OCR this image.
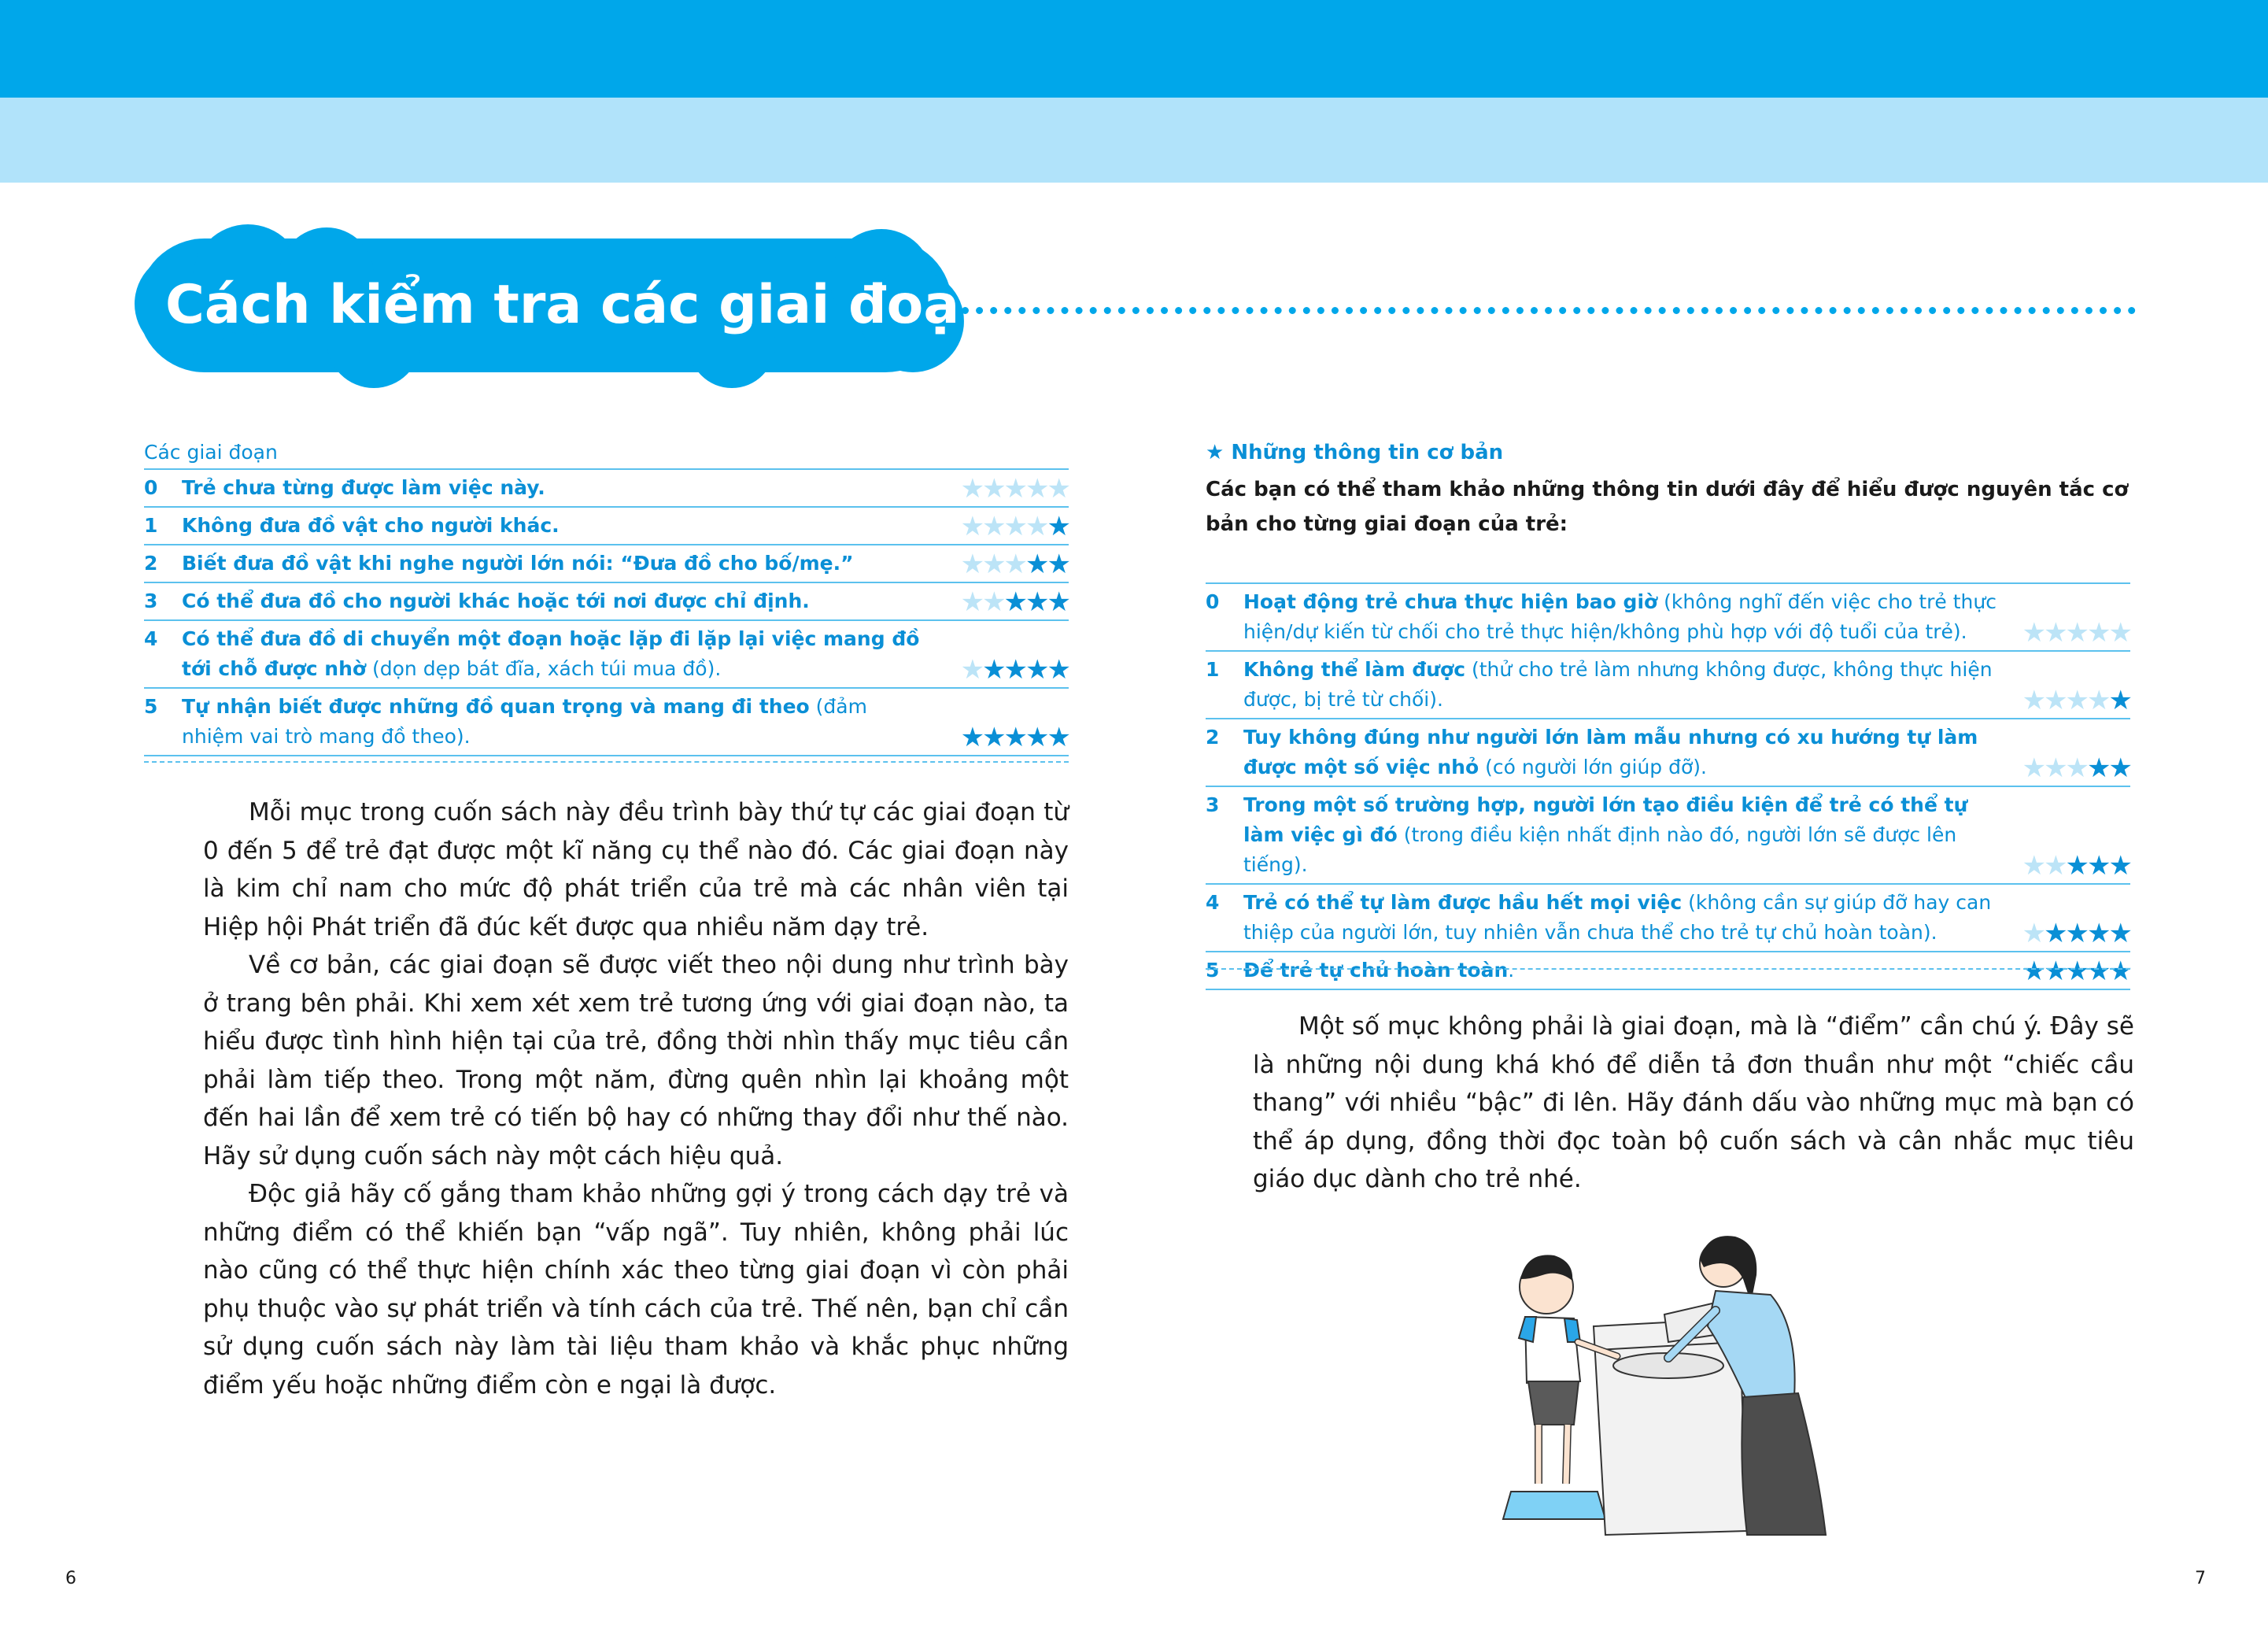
Cách kiểm tra các giai đoạn
Các giai đoạn
0	Trẻ chưa từng được làm việc này.	★★★★★
1	Không đưa đồ vật cho người khác.	★★★★★
2	Biết đưa đồ vật khi nghe người lớn nói: “Đưa đồ cho bố/mẹ.”	★★★★★
3	Có thể đưa đồ cho người khác hoặc tới nơi được chỉ định.	★★★★★
4	Có thể đưa đồ di chuyển một đoạn hoặc lặp đi lặp lại việc mang đồ tới chỗ được nhờ (dọn dẹp bát đĩa, xách túi mua đồ).	★★★★★
5	Tự nhận biết được những đồ quan trọng và mang đi theo (đảm nhiệm vai trò mang đồ theo).	★★★★★

Mỗi mục trong cuốn sách này đều trình bày thứ tự các giai đoạn từ 0 đến 5 để trẻ đạt được một kĩ năng cụ thể nào đó. Các giai đoạn này là kim chỉ nam cho mức độ phát triển của trẻ mà các nhân viên tại Hiệp hội Phát triển đã đúc kết được qua nhiều năm dạy trẻ.

Về cơ bản, các giai đoạn sẽ được viết theo nội dung như trình bày ở trang bên phải. Khi xem xét xem trẻ tương ứng với giai đoạn nào, ta hiểu được tình hình hiện tại của trẻ, đồng thời nhìn thấy mục tiêu cần phải làm tiếp theo. Trong một năm, đừng quên nhìn lại khoảng một đến hai lần để xem trẻ có tiến bộ hay có những thay đổi như thế nào. Hãy sử dụng cuốn sách này một cách hiệu quả.

Độc giả hãy cố gắng tham khảo những gợi ý trong cách dạy trẻ và những điểm có thể khiến bạn “vấp ngã”. Tuy nhiên, không phải lúc nào cũng có thể thực hiện chính xác theo từng giai đoạn vì còn phải phụ thuộc vào sự phát triển và tính cách của trẻ. Thế nên, bạn chỉ cần sử dụng cuốn sách này làm tài liệu tham khảo và khắc phục những điểm yếu hoặc những điểm còn e ngại là được.

★ Những thông tin cơ bản
Các bạn có thể tham khảo những thông tin dưới đây để hiểu được nguyên tắc cơ bản cho từng giai đoạn của trẻ:
0	Hoạt động trẻ chưa thực hiện bao giờ (không nghĩ đến việc cho trẻ thực hiện/dự kiến từ chối cho trẻ thực hiện/không phù hợp với độ tuổi của trẻ).	★★★★★
1	Không thể làm được (thử cho trẻ làm nhưng không được, không thực hiện được, bị trẻ từ chối).	★★★★★
2	Tuy không đúng như người lớn làm mẫu nhưng có xu hướng tự làm được một số việc nhỏ (có người lớn giúp đỡ).	★★★★★
3	Trong một số trường hợp, người lớn tạo điều kiện để trẻ có thể tự làm việc gì đó (trong điều kiện nhất định nào đó, người lớn sẽ được lên tiếng).	★★★★★
4	Trẻ có thể tự làm được hầu hết mọi việc (không cần sự giúp đỡ hay can thiệp của người lớn, tuy nhiên vẫn chưa thể cho trẻ tự chủ hoàn toàn).	★★★★★
5	Để trẻ tự chủ hoàn toàn.	★★★★★

Một số mục không phải là giai đoạn, mà là “điểm” cần chú ý. Đây sẽ là những nội dung khá khó để diễn tả đơn thuần như một “chiếc cầu thang” với nhiều “bậc” đi lên. Hãy đánh dấu vào những mục mà bạn có thể áp dụng, đồng thời đọc toàn bộ cuốn sách và cân nhắc mục tiêu giáo dục dành cho trẻ nhé.

6	7
